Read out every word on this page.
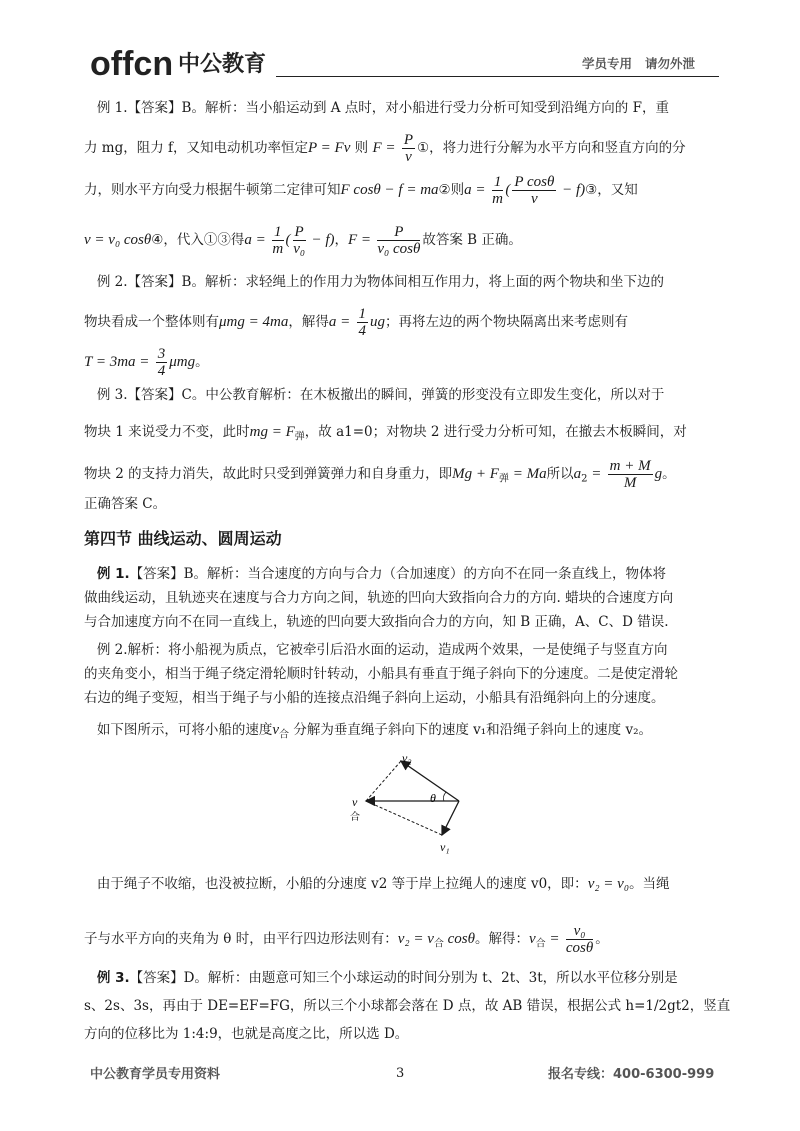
offcn 中公教育	学员专用   请勿外泄
例 1.【答案】B。解析：当小船运动到 A 点时，对小船进行受力分析可知受到沿绳方向的 F，重
力 mg，阻力 f，又知电动机功率恒定P = Fv 则 $F = \frac{P}{v}$ ①，将力进行分解为水平方向和竖直方向的分
力，则水平方向受力根据牛顿第二定律可知F cosθ − f = ma②则$a = \frac{1}{m}$ ( $\frac{\text{P cosθ}}{v}$ − f)③，又知
v = v₀ cosθ④，代入①③得$a = \frac{1}{m}$ ( $\frac{P}{\text{v₀}} - f$)，$F = \frac{P}{\text{v₀ cosθ}}$ 故答案 B 正确。
例 2.【答案】B。解析：求轻绳上的作用力为物体间相互作用力，将上面的两个物块和坐下边的
物块看成一个整体则有μmg = 4ma，解得$a = \frac{1}{4}$ ug；再将左边的两个物块隔离出来考虑则有
$T = 3ma = \frac{3}{4}$ μmg。
例 3.【答案】C。中公教育解析：在木板撤出的瞬间，弹簧的形变没有立即发生变化，所以对于
物块 1 来说受力不变，此时mg = $F_弹$，故 a1=0；对物块 2 进行受力分析可知，在撤去木板瞬间，对
物块 2 的支持力消失，故此时只受到弹簧弹力和自身重力，即$Mg + F_弹 = Ma$所以$a_2 = \frac{m + M}{M}$ g。
正确答案 C。
第四节 曲线运动、圆周运动
例 1.【答案】B。解析：当合速度的方向与合力（合加速度）的方向不在同一条直线上，物体将
做曲线运动，且轨迹夹在速度与合力方向之间，轨迹的凹向大致指向合力的方向. 蜡块的合速度方向
与合加速度方向不在同一直线上，轨迹的凹向要大致指向合力的方向，知 B 正确，A、C、D 错误.
例 2.解析：将小船视为质点，它被牵引后沿水面的运动，造成两个效果，一是使绳子与竖直方向
的夹角变小，相当于绳子绕定滑轮顺时针转动，小船具有垂直于绳子斜向下的分速度。二是使定滑轮
右边的绳子变短，相当于绳子与小船的连接点沿绳子斜向上运动，小船具有沿绳斜向上的分速度。
如下图所示，可将小船的速度$v_合$ 分解为垂直绳子斜向下的速度 v₁和沿绳子斜向上的速度 v₂。
v₂
θ
v
合
v₁
由于绳子不收缩，也没被拉断，小船的分速度 v2 等于岸上拉绳人的速度 v0，即：v₂ = v₀。当绳
子与水平方向的夹角为 θ 时，由平行四边形法则有：$v_2 = v_合$ cosθ。解得：$v_合 = \frac{\text{v₀}}{\cos\theta}$ 。
例 3.【答案】D。解析：由题意可知三个小球运动的时间分别为 t、2t、3t，所以水平位移分别是
s、2s、3s，再由于 DE=EF=FG，所以三个小球都会落在 D 点，故 AB 错误，根据公式 h=1/2gt2，竖直
方向的位移比为 1:4:9，也就是高度之比，所以选 D。
中公教育学员专用资料	3	报名专线：400-6300-999
